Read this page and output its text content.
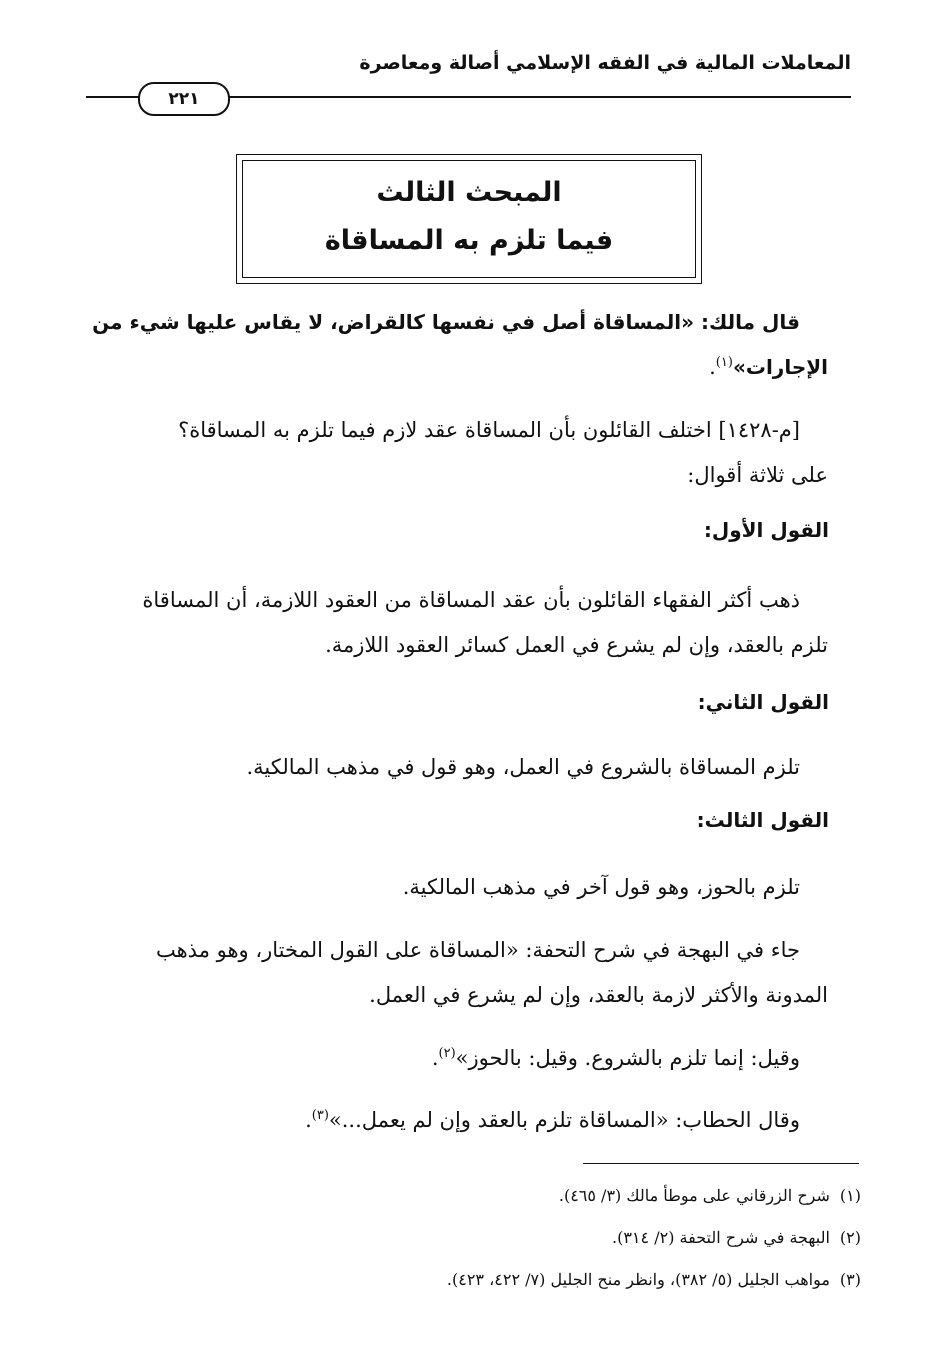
المعاملات المالية في الفقه الإسلامي أصالة ومعاصرة
٢٢١
المبحث الثالث
فيما تلزم به المساقاة
قال مالك: «المساقاة أصل في نفسها كالقراض، لا يقاس عليها شيء من
الإجارات»$^{(١)}$.
[م-١٤٢٨] اختلف القائلون بأن المساقاة عقد لازم فيما تلزم به المساقاة؟
على ثلاثة أقوال:
القول الأول:
ذهب أكثر الفقهاء القائلون بأن عقد المساقاة من العقود اللازمة، أن المساقاة
تلزم بالعقد، وإن لم يشرع في العمل كسائر العقود اللازمة.
القول الثاني:
تلزم المساقاة بالشروع في العمل، وهو قول في مذهب المالكية.
القول الثالث:
تلزم بالحوز، وهو قول آخر في مذهب المالكية.
جاء في البهجة في شرح التحفة: «المساقاة على القول المختار، وهو مذهب
المدونة والأكثر لازمة بالعقد، وإن لم يشرع في العمل.
وقيل: إنما تلزم بالشروع. وقيل: بالحوز»$^{(٢)}$.
وقال الحطاب: «المساقاة تلزم بالعقد وإن لم يعمل...»$^{(٣)}$.
(١)شرح الزرقاني على موطأ مالك (٣/ ٤٦٥).
(٢)البهجة في شرح التحفة (٢/ ٣١٤).
(٣)مواهب الجليل (٥/ ٣٨٢)، وانظر منح الجليل (٧/ ٤٢٢، ٤٢٣).
